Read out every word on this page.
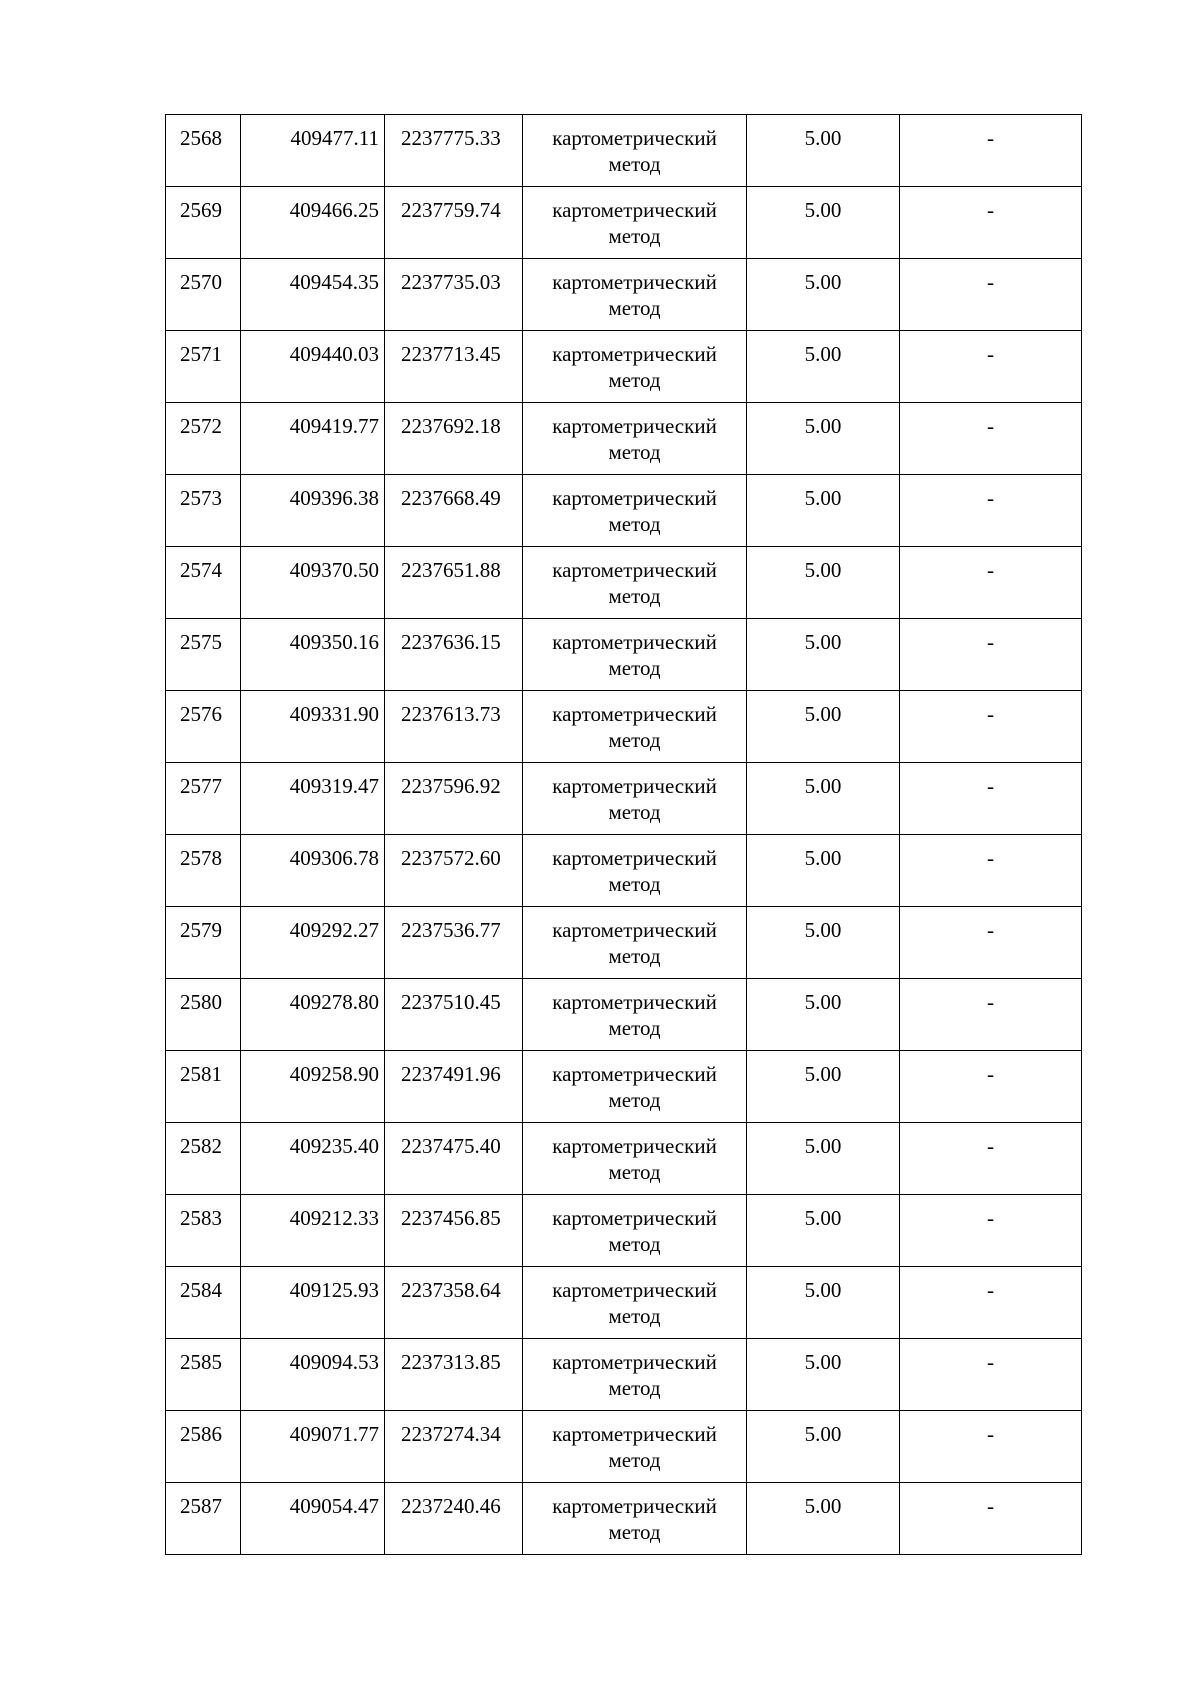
2568	409477.11	2237775.33	картометрический метод	5.00	-
2569	409466.25	2237759.74	картометрический метод	5.00	-
2570	409454.35	2237735.03	картометрический метод	5.00	-
2571	409440.03	2237713.45	картометрический метод	5.00	-
2572	409419.77	2237692.18	картометрический метод	5.00	-
2573	409396.38	2237668.49	картометрический метод	5.00	-
2574	409370.50	2237651.88	картометрический метод	5.00	-
2575	409350.16	2237636.15	картометрический метод	5.00	-
2576	409331.90	2237613.73	картометрический метод	5.00	-
2577	409319.47	2237596.92	картометрический метод	5.00	-
2578	409306.78	2237572.60	картометрический метод	5.00	-
2579	409292.27	2237536.77	картометрический метод	5.00	-
2580	409278.80	2237510.45	картометрический метод	5.00	-
2581	409258.90	2237491.96	картометрический метод	5.00	-
2582	409235.40	2237475.40	картометрический метод	5.00	-
2583	409212.33	2237456.85	картометрический метод	5.00	-
2584	409125.93	2237358.64	картометрический метод	5.00	-
2585	409094.53	2237313.85	картометрический метод	5.00	-
2586	409071.77	2237274.34	картометрический метод	5.00	-
2587	409054.47	2237240.46	картометрический метод	5.00	-
